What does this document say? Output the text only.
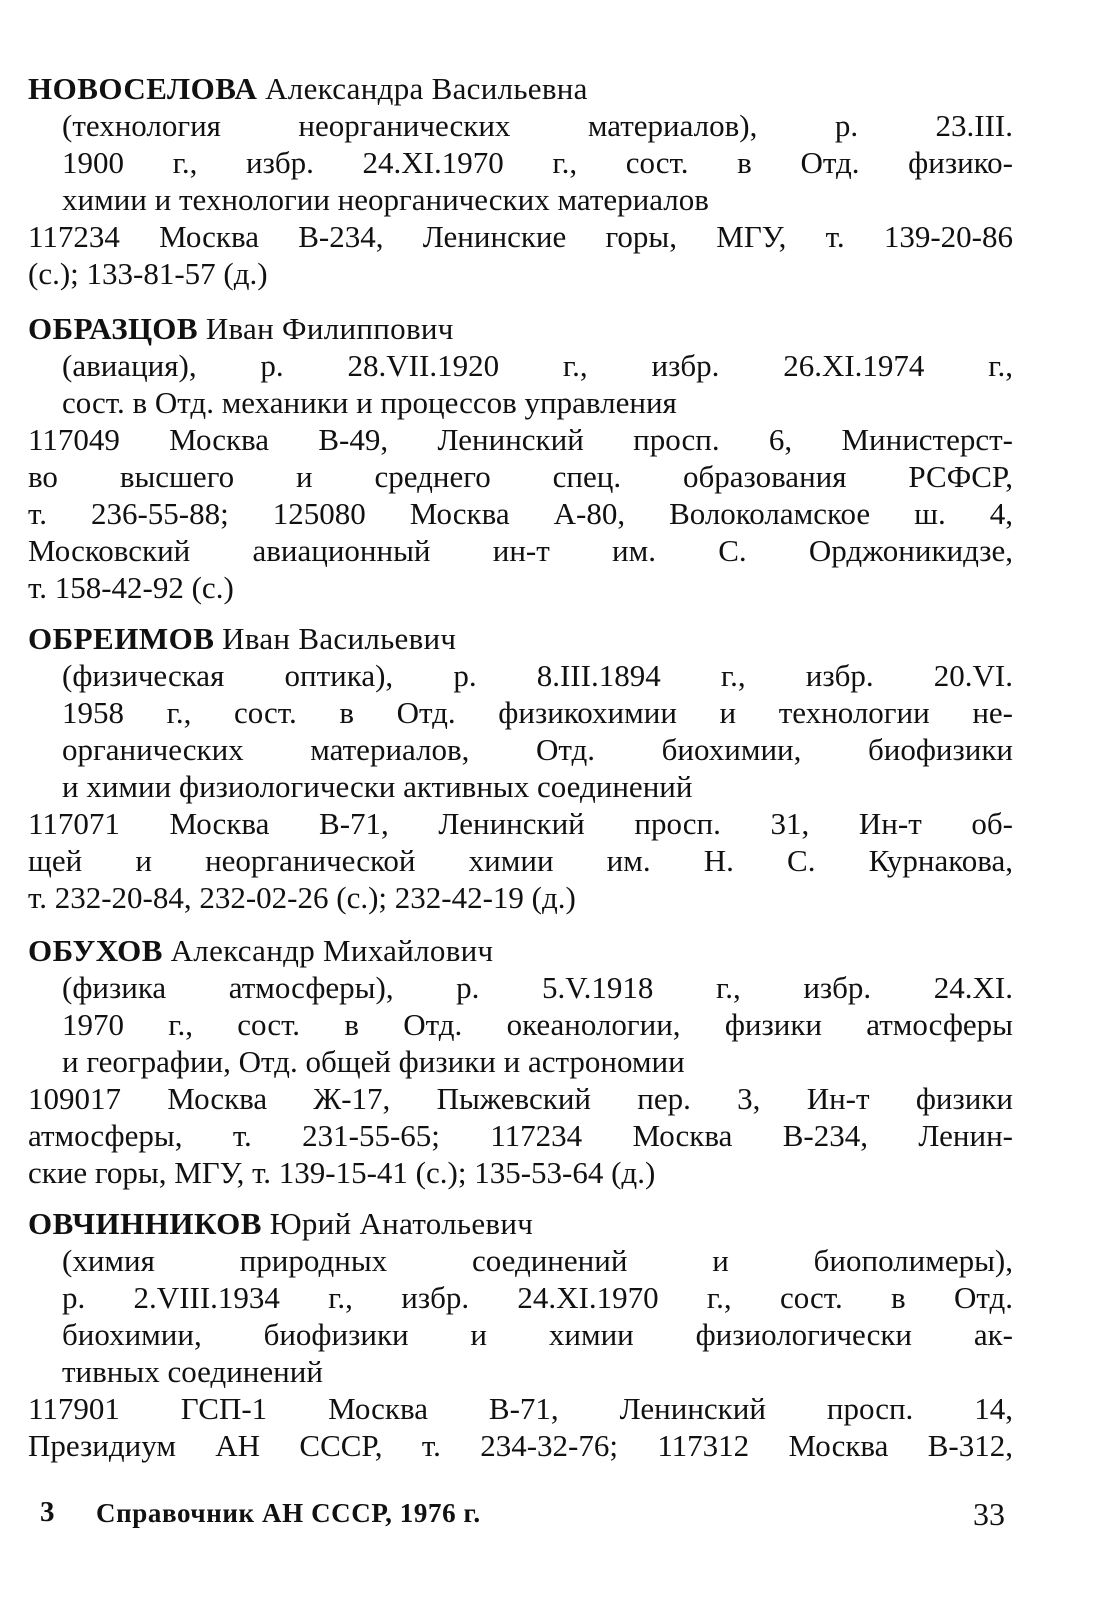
НОВОСЕЛОВА Александра Васильевна
(технология неорганических материалов), р. 23.III.
1900 г., избр. 24.XI.1970 г., сост. в Отд. физико-
химии и технологии неорганических материалов
117234 Москва В-234, Ленинские горы, МГУ, т. 139-20-86
(с.); 133-81-57 (д.)
ОБРАЗЦОВ Иван Филиппович
(авиация), р. 28.VII.1920 г., избр. 26.XI.1974 г.,
сост. в Отд. механики и процессов управления
117049 Москва В-49, Ленинский просп. 6, Министерст-
во высшего и среднего спец. образования РСФСР,
т. 236-55-88; 125080 Москва А-80, Волоколамское ш. 4,
Московский авиационный ин-т им. С. Орджоникидзе,
т. 158-42-92 (с.)
ОБРЕИМОВ Иван Васильевич
(физическая оптика), р. 8.III.1894 г., избр. 20.VI.
1958 г., сост. в Отд. физикохимии и технологии не-
органических материалов, Отд. биохимии, биофизики
и химии физиологически активных соединений
117071 Москва В-71, Ленинский просп. 31, Ин-т об-
щей и неорганической химии им. Н. С. Курнакова,
т. 232-20-84, 232-02-26 (с.); 232-42-19 (д.)
ОБУХОВ Александр Михайлович
(физика атмосферы), р. 5.V.1918 г., избр. 24.XI.
1970 г., сост. в Отд. океанологии, физики атмосферы
и географии, Отд. общей физики и астрономии
109017 Москва Ж-17, Пыжевский пер. 3, Ин-т физики
атмосферы, т. 231-55-65; 117234 Москва В-234, Ленин-
ские горы, МГУ, т. 139-15-41 (с.); 135-53-64 (д.)
ОВЧИННИКОВ Юрий Анатольевич
(химия природных соединений и биополимеры),
р. 2.VIII.1934 г., избр. 24.XI.1970 г., сост. в Отд.
биохимии, биофизики и химии физиологически ак-
тивных соединений
117901 ГСП-1 Москва В-71, Ленинский просп. 14,
Президиум АН СССР, т. 234-32-76; 117312 Москва В-312,
3 Справочник АН СССР, 1976 г.	33
